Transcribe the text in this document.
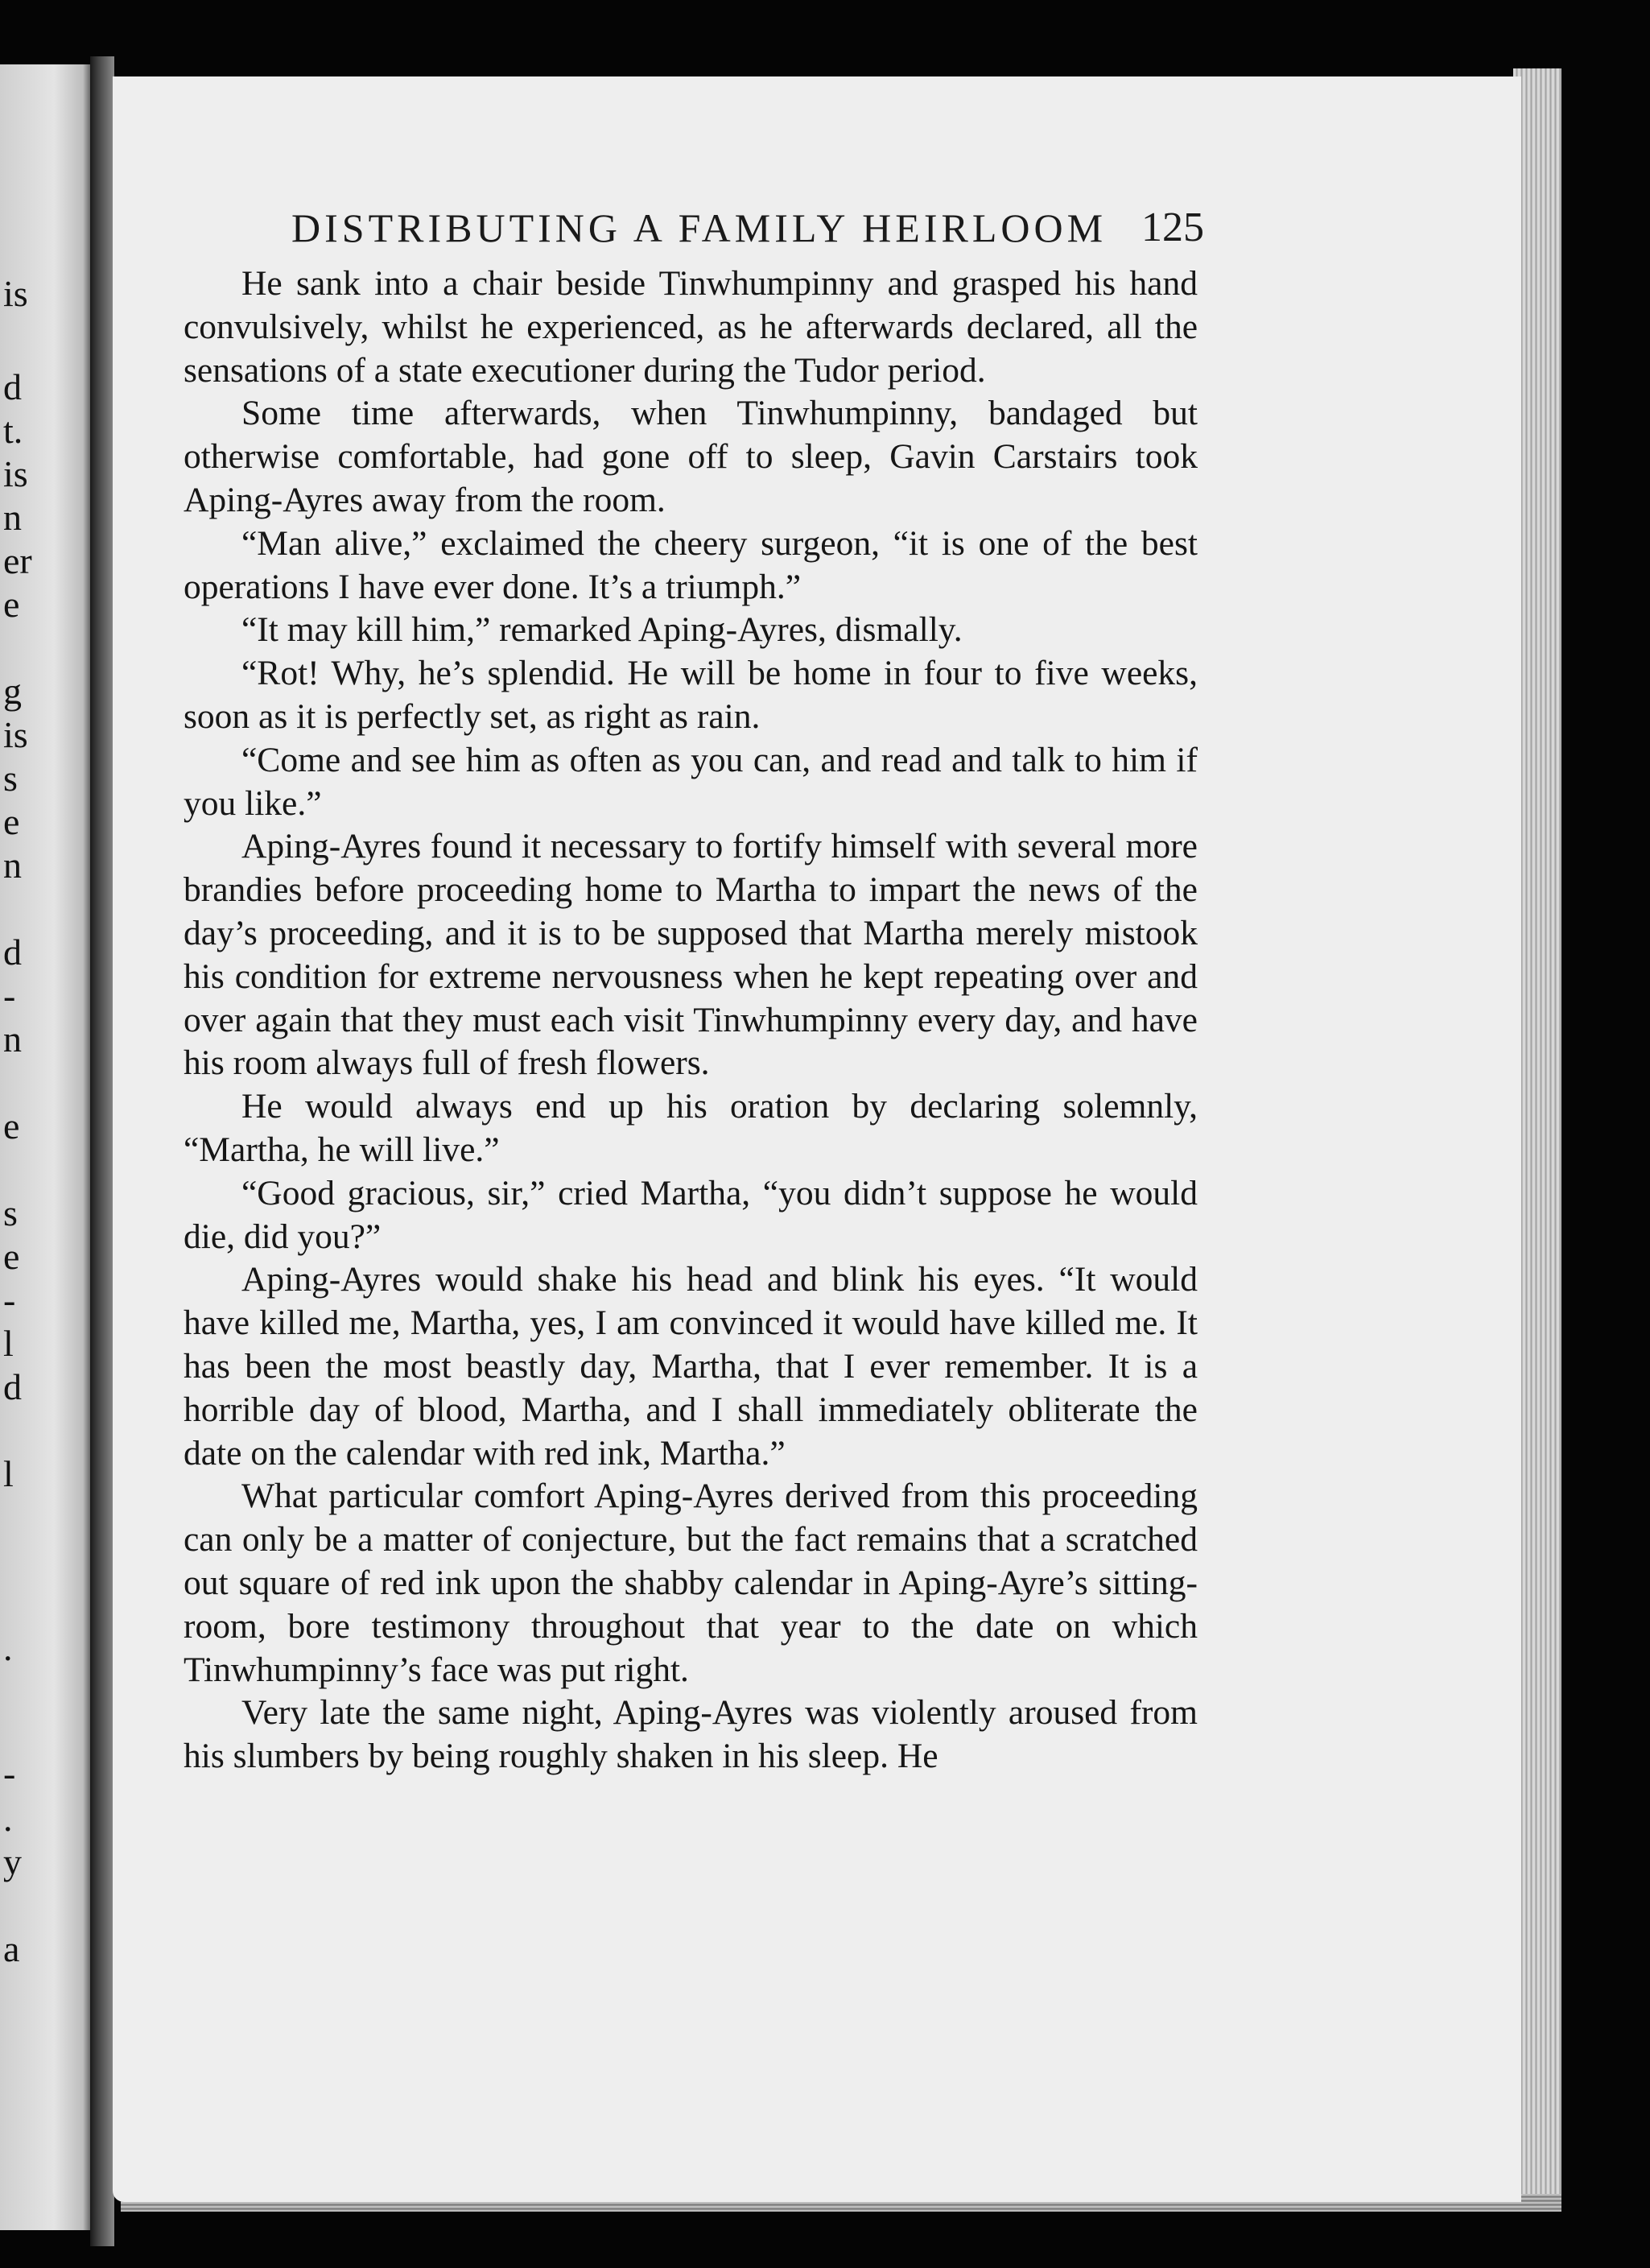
is
d
t.
is
n
er
e
g
is
s
e
n
d
-
n
e
s
e
-
l
d
l
.
-
.
y
a
DISTRIBUTING A FAMILY HEIRLOOM 125

He sank into a chair beside Tinwhumpinny and grasped his hand convulsively, whilst he experienced, as he afterwards declared, all the sensations of a state executioner during the Tudor period.

Some time afterwards, when Tinwhumpinny, bandaged but otherwise comfortable, had gone off to sleep, Gavin Carstairs took Aping-Ayres away from the room.

“Man alive,” exclaimed the cheery surgeon, “it is one of the best operations I have ever done. It’s a triumph.”

“It may kill him,” remarked Aping-Ayres, dismally.

“Rot! Why, he’s splendid. He will be home in four to five weeks, soon as it is perfectly set, as right as rain.

“Come and see him as often as you can, and read and talk to him if you like.”

Aping-Ayres found it necessary to fortify himself with several more brandies before proceeding home to Martha to impart the news of the day’s proceeding, and it is to be supposed that Martha merely mistook his condition for extreme nervousness when he kept repeating over and over again that they must each visit Tinwhumpinny every day, and have his room always full of fresh flowers.

He would always end up his oration by declaring solemnly, “Martha, he will live.”

“Good gracious, sir,” cried Martha, “you didn’t suppose he would die, did you?”

Aping-Ayres would shake his head and blink his eyes. “It would have killed me, Martha, yes, I am convinced it would have killed me. It has been the most beastly day, Martha, that I ever remember. It is a horrible day of blood, Martha, and I shall immediately obliterate the date on the calendar with red ink, Martha.”

What particular comfort Aping-Ayres derived from this proceeding can only be a matter of conjecture, but the fact remains that a scratched out square of red ink upon the shabby calendar in Aping-Ayre’s sitting-room, bore testimony throughout that year to the date on which Tinwhumpinny’s face was put right.

Very late the same night, Aping-Ayres was violently aroused from his slumbers by being roughly shaken in his sleep. He
